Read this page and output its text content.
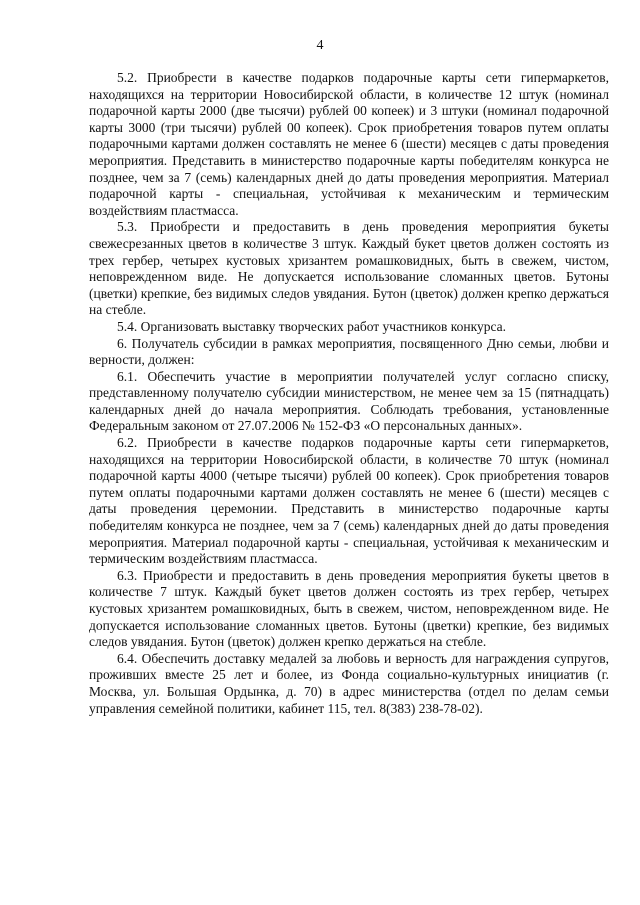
4

5.2. Приобрести в качестве подарков подарочные карты сети гипермаркетов, находящихся на территории Новосибирской области, в количестве 12 штук (номинал подарочной карты 2000 (две тысячи) рублей 00 копеек) и 3 штуки (номинал подарочной карты 3000 (три тысячи) рублей 00 копеек). Срок приобретения товаров путем оплаты подарочными картами должен составлять не менее 6 (шести) месяцев с даты проведения мероприятия. Представить в министерство подарочные карты победителям конкурса не позднее, чем за 7 (семь) календарных дней до даты проведения мероприятия. Материал подарочной карты - специальная, устойчивая к механическим и термическим воздействиям пластмасса.

5.3. Приобрести и предоставить в день проведения мероприятия букеты свежесрезанных цветов в количестве 3 штук. Каждый букет цветов должен состоять из трех гербер, четырех кустовых хризантем ромашковидных, быть в свежем, чистом, неповрежденном виде. Не допускается использование сломанных цветов. Бутоны (цветки) крепкие, без видимых следов увядания. Бутон (цветок) должен крепко держаться на стебле.

5.4. Организовать выставку творческих работ участников конкурса.

6. Получатель субсидии в рамках мероприятия, посвященного Дню семьи, любви и верности, должен:

6.1. Обеспечить участие в мероприятии получателей услуг согласно списку, представленному получателю субсидии министерством, не менее чем за 15 (пятнадцать) календарных дней до начала мероприятия. Соблюдать требования, установленные Федеральным законом от 27.07.2006 № 152-ФЗ «О персональных данных».

6.2. Приобрести в качестве подарков подарочные карты сети гипермаркетов, находящихся на территории Новосибирской области, в количестве 70 штук (номинал подарочной карты 4000 (четыре тысячи) рублей 00 копеек). Срок приобретения товаров путем оплаты подарочными картами должен составлять не менее 6 (шести) месяцев с даты проведения церемонии. Представить в министерство подарочные карты победителям конкурса не позднее, чем за 7 (семь) календарных дней до даты проведения мероприятия. Материал подарочной карты - специальная, устойчивая к механическим и термическим воздействиям пластмасса.

6.3. Приобрести и предоставить в день проведения мероприятия букеты цветов в количестве 7 штук. Каждый букет цветов должен состоять из трех гербер, четырех кустовых хризантем ромашковидных, быть в свежем, чистом, неповрежденном виде. Не допускается использование сломанных цветов. Бутоны (цветки) крепкие, без видимых следов увядания. Бутон (цветок) должен крепко держаться на стебле.

6.4. Обеспечить доставку медалей за любовь и верность для награждения супругов, проживших вместе 25 лет и более, из Фонда социально-культурных инициатив (г. Москва, ул. Большая Ордынка, д. 70) в адрес министерства (отдел по делам семьи управления семейной политики, кабинет 115, тел. 8(383) 238-78-02).
